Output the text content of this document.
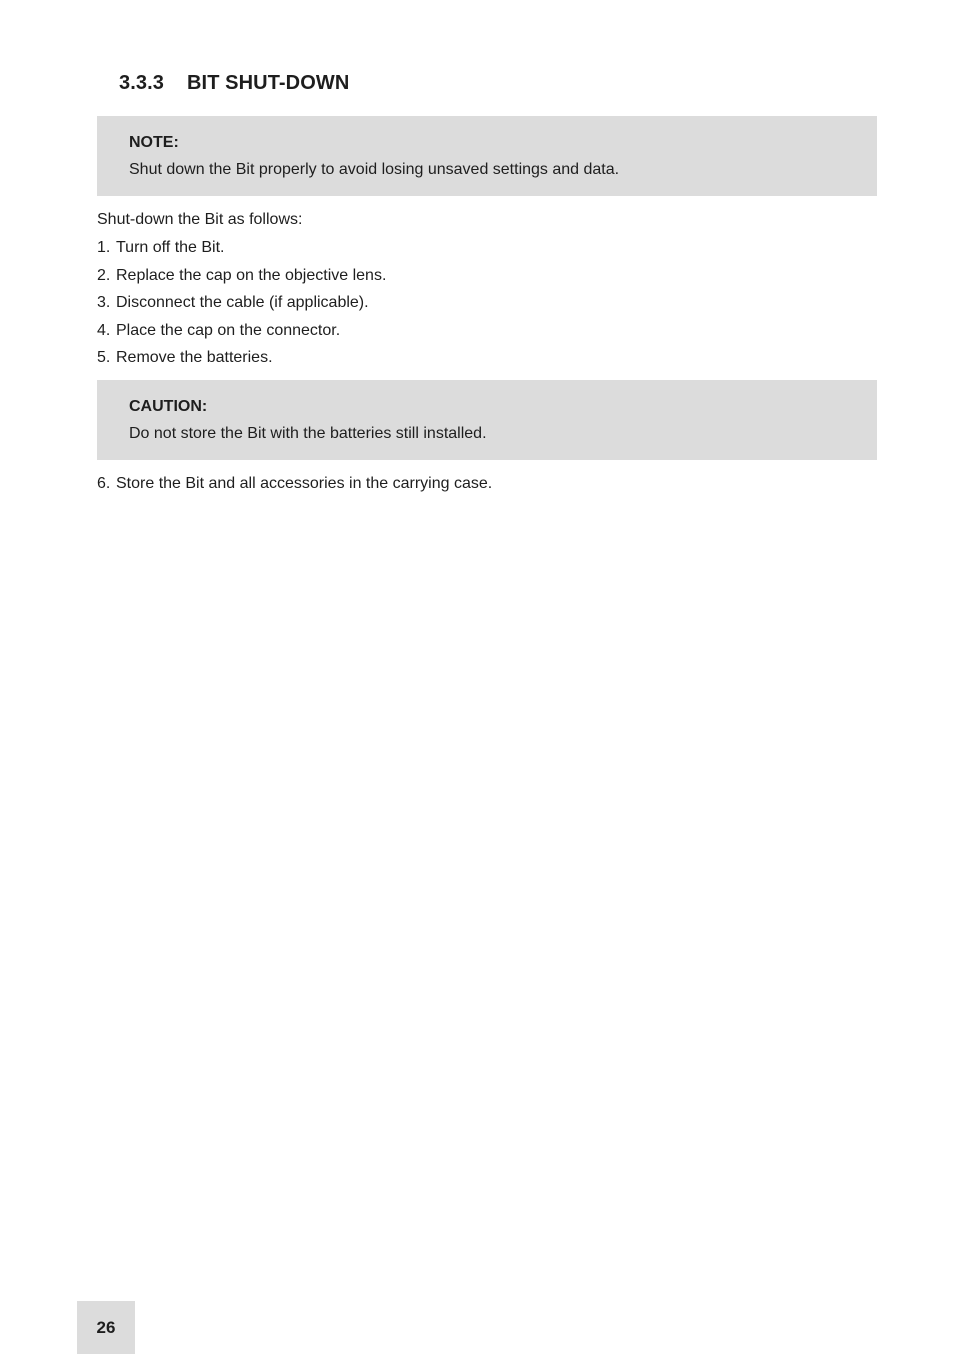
3.3.3 BIT SHUT-DOWN

NOTE:

Shut down the Bit properly to avoid losing unsaved settings and data.

Shut-down the Bit as follows:

1. Turn off the Bit.
2. Replace the cap on the objective lens.
3. Disconnect the cable (if applicable).
4. Place the cap on the connector.
5. Remove the batteries.

CAUTION:

Do not store the Bit with the batteries still installed.

6. Store the Bit and all accessories in the carrying case.
26
